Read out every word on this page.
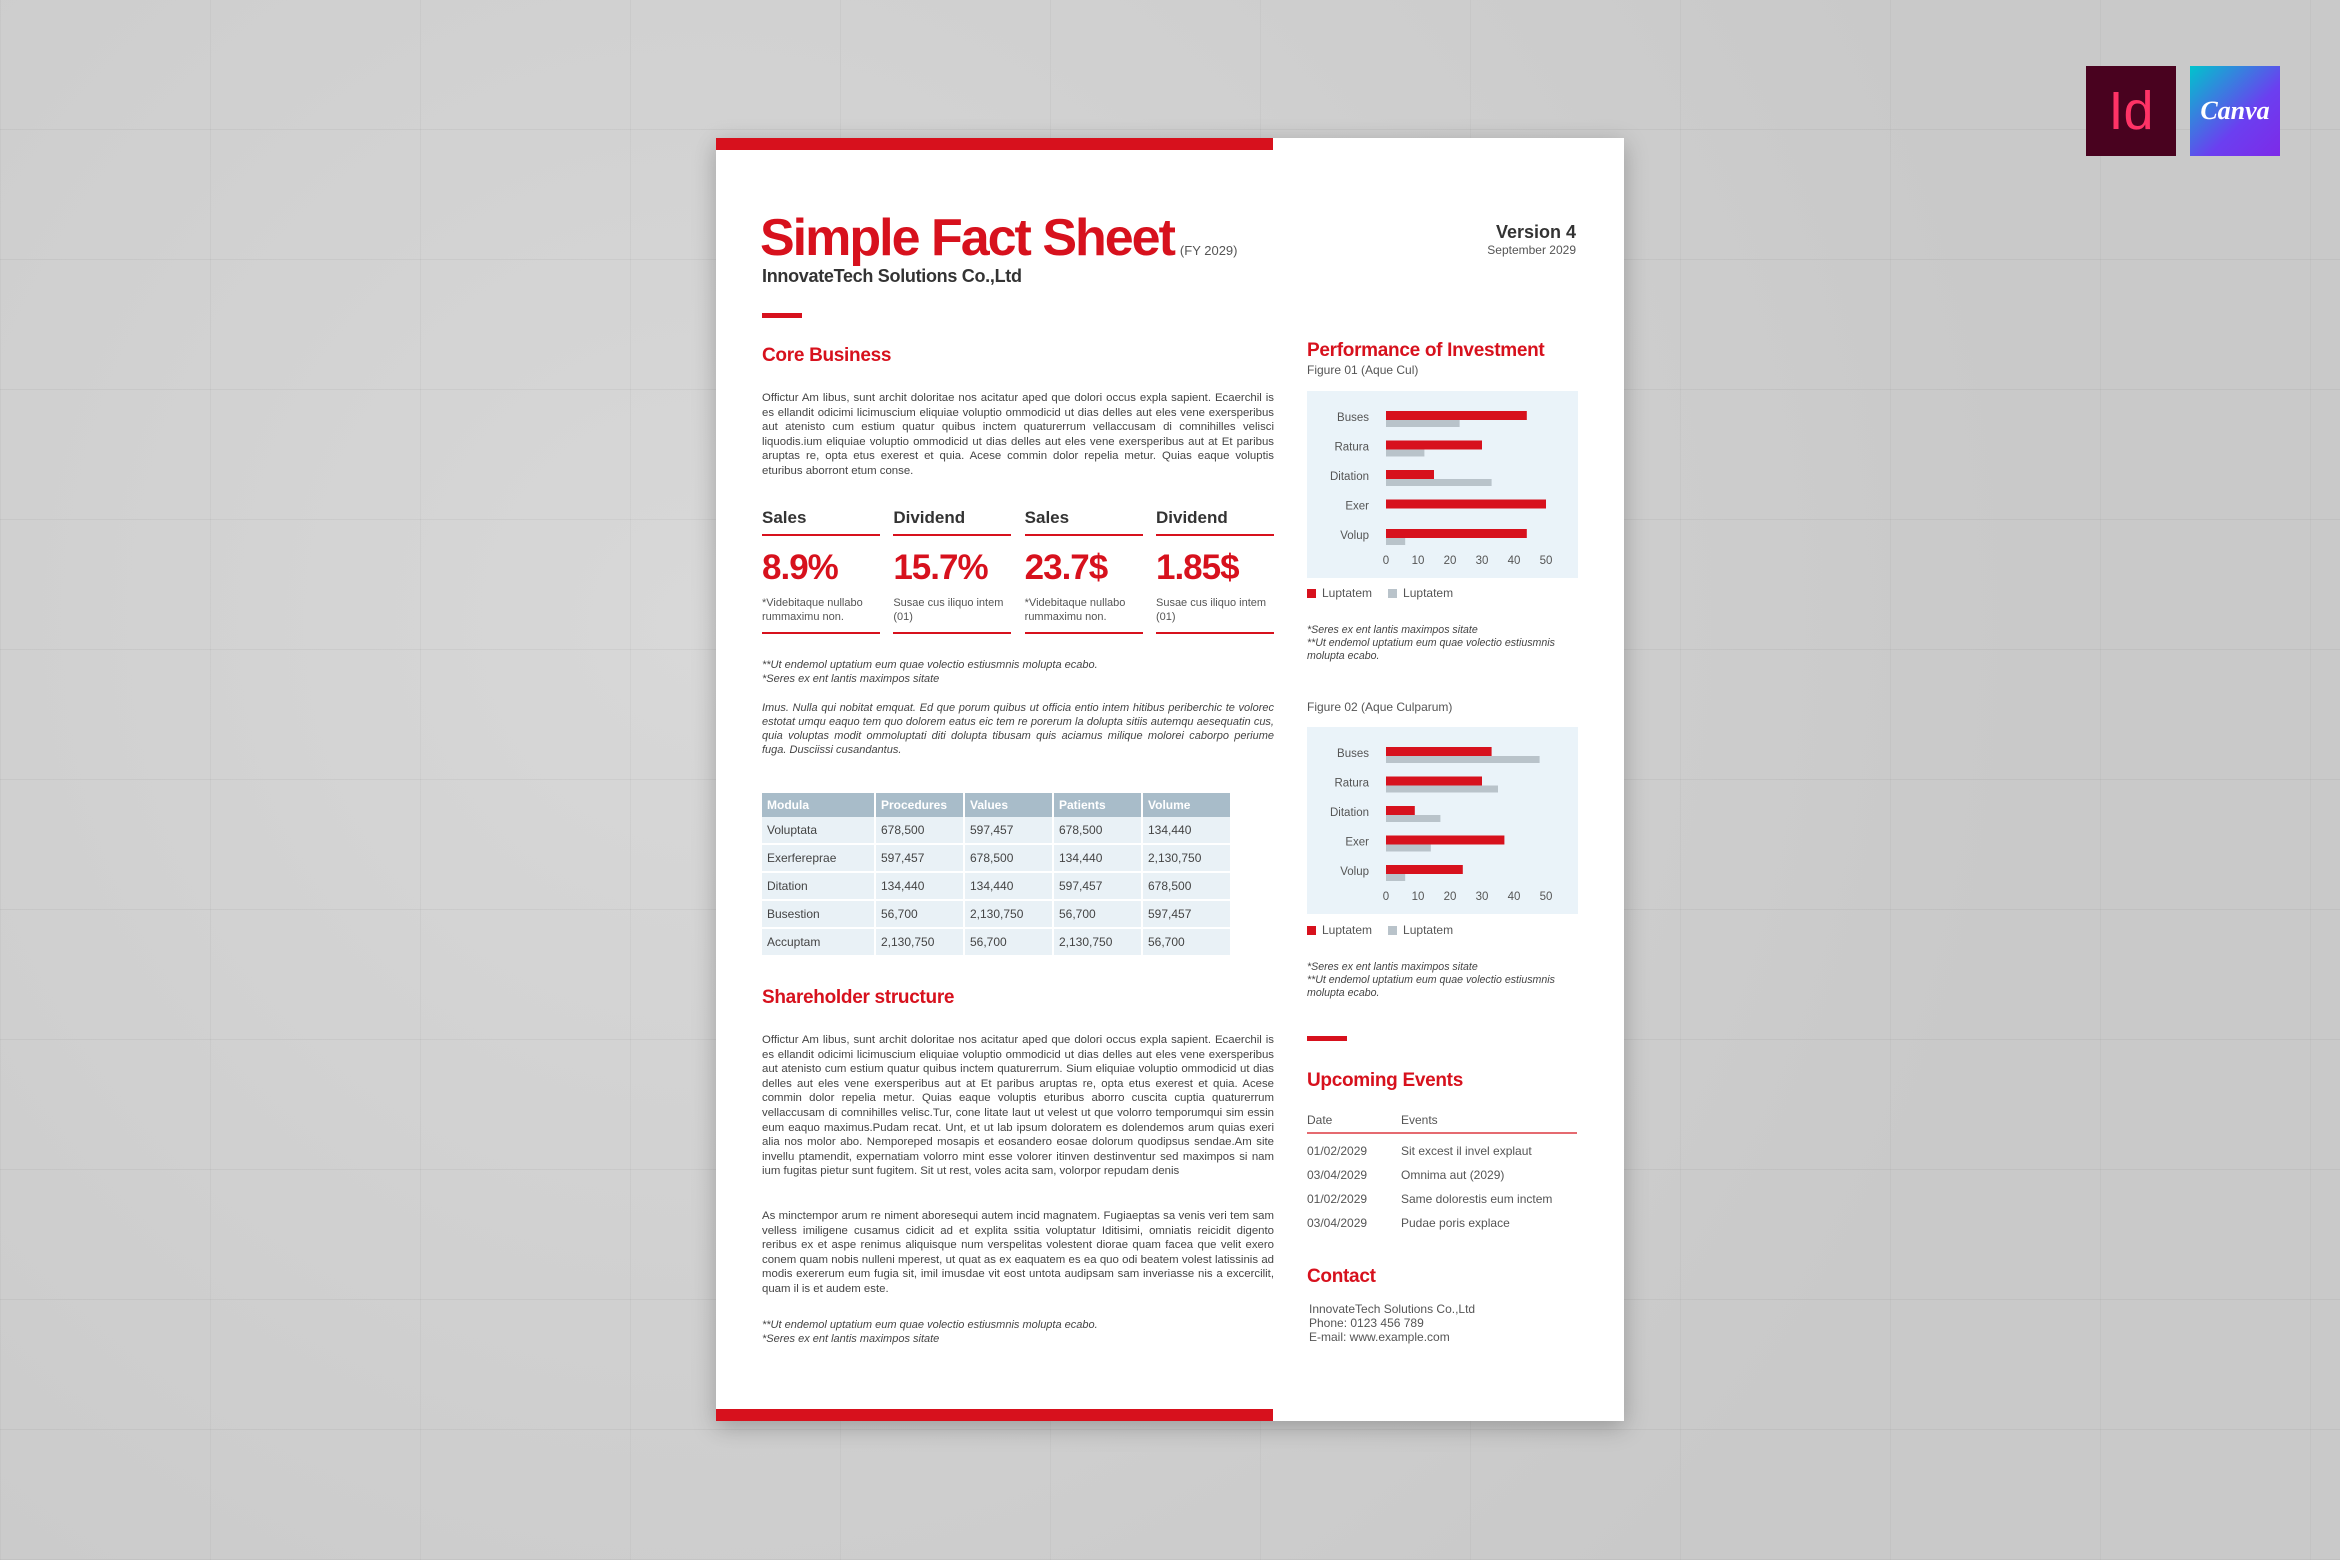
Id Canva
Simple Fact Sheet (FY 2029)
InnovateTech Solutions Co.,Ltd
Version 4
September 2029
Core Business
Offictur Am libus, sunt archit doloritae nos acitatur aped que dolori occus expla sapient. Ecaerchil is es ellandit odicimi licimuscium eliquiae voluptio ommodicid ut dias delles aut eles vene exersperibus aut atenisto cum estium quatur quibus inctem quaturerrum vellaccusam di comnihilles velisci liquodis.ium eliquiae voluptio ommodicid ut dias delles aut eles vene exersperibus aut at Et paribus aruptas re, opta etus exerest et quia. Acese commin dolor repelia metur. Quias eaque voluptis eturibus aborront etum conse.
Sales
8.9%
*Videbitaque nullabo rummaximu non.
Dividend
15.7%
Susae cus iliquo intem (01)
Sales
23.7$
*Videbitaque nullabo rummaximu non.
Dividend
1.85$
Susae cus iliquo intem (01)
**Ut endemol uptatium eum quae volectio estiusmnis molupta ecabo.
*Seres ex ent lantis maximpos sitate
Imus. Nulla qui nobitat emquat. Ed que porum quibus ut officia entio intem hitibus periberchic te volorec estotat umqu eaquo tem quo dolorem eatus eic tem re porerum la dolupta sitiis autemqu aesequatin cus, quia voluptas modit ommoluptati diti dolupta tibusam quis aciamus milique molorei caborpo periume fuga. Dusciissi cusandantus.
Modula	Procedures	Values	Patients	Volume
Voluptata	678,500	597,457	678,500	134,440
Exerfereprae	597,457	678,500	134,440	2,130,750
Ditation	134,440	134,440	597,457	678,500
Busestion	56,700	2,130,750	56,700	597,457
Accuptam	2,130,750	56,700	2,130,750	56,700
Shareholder structure
Offictur Am libus, sunt archit doloritae nos acitatur aped que dolori occus expla sapient. Ecaerchil is es ellandit odicimi licimuscium eliquiae voluptio ommodicid ut dias delles aut eles vene exersperibus aut atenisto cum estium quatur quibus inctem quaturerrum. Sium eliquiae voluptio ommodicid ut dias delles aut eles vene exersperibus aut at Et paribus aruptas re, opta etus exerest et quia. Acese commin dolor repelia metur. Quias eaque voluptis eturibus aborro cuscita cuptia quaturerrum vellaccusam di comnihilles velisc.Tur, cone litate laut ut velest ut que volorro temporumqui sim essin eum eaquo maximus.Pudam recat. Unt, et ut lab ipsum doloratem es dolendemos arum quias exeri alia nos molor abo. Nemporeped mosapis et eosandero eosae dolorum quodipsus sendae.Am site invellu ptamendit, expernatiam volorro mint esse volorer itinven destinventur sed maximpos si nam ium fugitas pietur sunt fugitem. Sit ut rest, voles acita sam, volorpor repudam denis
As minctempor arum re niment aboresequi autem incid magnatem. Fugiaeptas sa venis veri tem sam velless imiligene cusamus cidicit ad et explita ssitia voluptatur Iditisimi, omniatis reicidit digento reribus ex et aspe renimus aliquisque num verspelitas volestent diorae quam facea que velit exero conem quam nobis nulleni mperest, ut quat as ex eaquatem es ea quo odi beatem volest latissinis ad modis exererum eum fugia sit, imil imusdae vit eost untota audipsam sam inveriasse nis a excercilit, quam il is et audem este.
**Ut endemol uptatium eum quae volectio estiusmnis molupta ecabo.
*Seres ex ent lantis maximpos sitate
Performance of Investment
Figure 01 (Aque Cul)
Buses
Ratura
Ditation
Exer
Volup
0 10 20 30 40 50
Luptatem	Luptatem
*Seres ex ent lantis maximpos sitate
**Ut endemol uptatium eum quae volectio estiusmnis molupta ecabo.
Figure 02 (Aque Culparum)
Buses
Ratura
Ditation
Exer
Volup
0 10 20 30 40 50
Luptatem	Luptatem
*Seres ex ent lantis maximpos sitate
**Ut endemol uptatium eum quae volectio estiusmnis molupta ecabo.
Upcoming Events
Date	Events
01/02/2029	Sit excest il invel explaut
03/04/2029	Omnima aut (2029)
01/02/2029	Same dolorestis eum inctem
03/04/2029	Pudae poris explace
Contact
InnovateTech Solutions Co.,Ltd
Phone: 0123 456 789
E-mail: www.example.com
